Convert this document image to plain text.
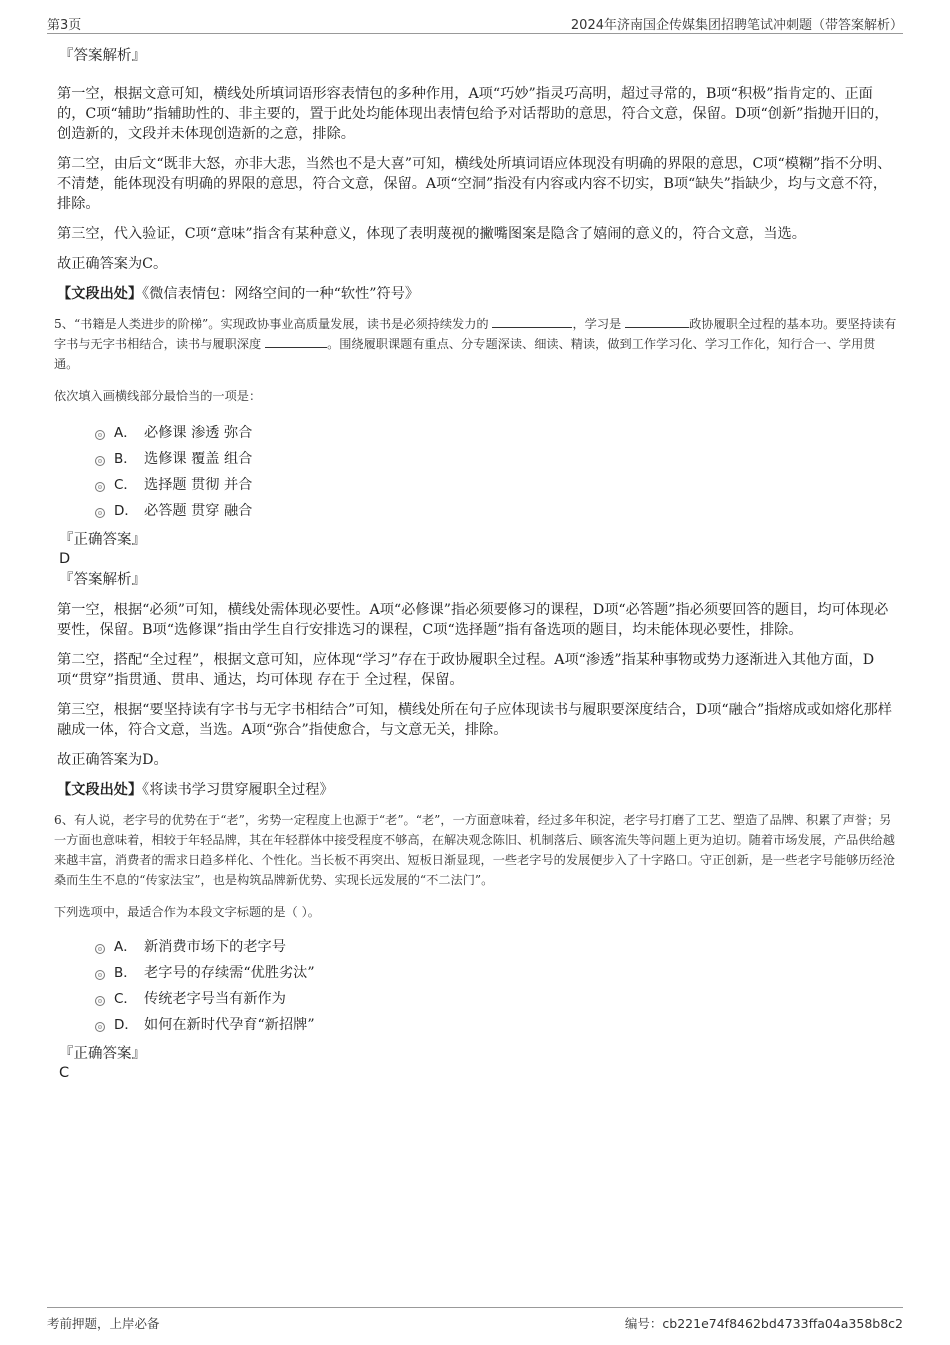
第3页	2024年济南国企传媒集团招聘笔试冲刺题（带答案解析）
『答案解析』
第一空，根据文意可知，横线处所填词语形容表情包的多种作用，A项“巧妙”指灵巧高明，超过寻常的，B项“积极”指肯定的、正面的，C项“辅助”指辅助性的、非主要的，置于此处均能体现出表情包给予对话帮助的意思，符合文意，保留。D项“创新”指抛开旧的，创造新的，文段并未体现创造新的之意，排除。
第二空，由后文“既非大怒，亦非大悲，当然也不是大喜”可知，横线处所填词语应体现没有明确的界限的意思，C项“模糊”指不分明、不清楚，能体现没有明确的界限的意思，符合文意，保留。A项“空洞”指没有内容或内容不切实，B项“缺失”指缺少，均与文意不符，排除。
第三空，代入验证，C项“意味”指含有某种意义，体现了表明蔑视的撇嘴图案是隐含了嬉闹的意义的，符合文意，当选。
故正确答案为C。
【文段出处】《微信表情包：网络空间的一种“软性”符号》
5、“书籍是人类进步的阶梯”。实现政协事业高质量发展，读书是必须持续发力的	，学习是	政协履职全过程的基本功。要坚持读有字书与无字书相结合，读书与履职深度	。围绕履职课题有重点、分专题深读、细读、精读，做到工作学习化、学习工作化，知行合一、学用贯通。
依次填入画横线部分最恰当的一项是：
A． 必修课 渗透 弥合
B． 选修课 覆盖 组合
C． 选择题 贯彻 并合
D． 必答题 贯穿 融合
『正确答案』
D
『答案解析』
第一空，根据“必须”可知，横线处需体现必要性。A项“必修课”指必须要修习的课程，D项“必答题”指必须要回答的题目，均可体现必要性，保留。B项“选修课”指由学生自行安排选习的课程，C项“选择题”指有备选项的题目，均未能体现必要性，排除。
第二空，搭配“全过程”，根据文意可知，应体现“学习”存在于政协履职全过程。A项“渗透”指某种事物或势力逐渐进入其他方面，D项“贯穿”指贯通、贯串、通达，均可体现 存在于 全过程，保留。
第三空，根据“要坚持读有字书与无字书相结合”可知，横线处所在句子应体现读书与履职要深度结合，D项“融合”指熔成或如熔化那样融成一体，符合文意，当选。A项“弥合”指使愈合，与文意无关，排除。
故正确答案为D。
【文段出处】《将读书学习贯穿履职全过程》
6、有人说，老字号的优势在于“老”，劣势一定程度上也源于“老”。“老”，一方面意味着，经过多年积淀，老字号打磨了工艺、塑造了品牌、积累了声誉；另一方面也意味着，相较于年轻品牌，其在年轻群体中接受程度不够高，在解决观念陈旧、机制落后、顾客流失等问题上更为迫切。随着市场发展，产品供给越来越丰富，消费者的需求日趋多样化、个性化。当长板不再突出、短板日渐显现，一些老字号的发展便步入了十字路口。守正创新，是一些老字号能够历经沧桑而生生不息的“传家法宝”，也是构筑品牌新优势、实现长远发展的“不二法门”。
下列选项中，最适合作为本段文字标题的是（ ）。
A． 新消费市场下的老字号
B． 老字号的存续需“优胜劣汰”
C． 传统老字号当有新作为
D． 如何在新时代孕育“新招牌”
『正确答案』
C
考前押题，上岸必备	编号：cb221e74f8462bd4733ffa04a358b8c2
